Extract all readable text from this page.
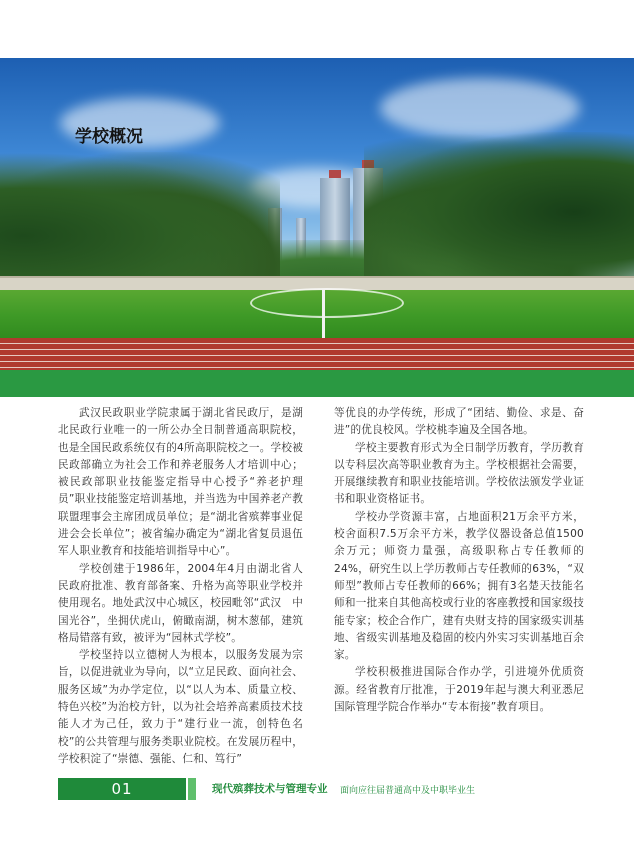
学校概况

武汉民政职业学院隶属于湖北省民政厅，是湖北民政行业唯一的一所公办全日制普通高职院校，也是全国民政系统仅有的4所高职院校之一。学校被民政部确立为社会工作和养老服务人才培训中心；被民政部职业技能鉴定指导中心授予“养老护理员”职业技能鉴定培训基地，并当选为中国养老产教联盟理事会主席团成员单位；是“湖北省殡葬事业促进会会长单位”；被省编办确定为“湖北省复员退伍军人职业教育和技能培训指导中心”。

学校创建于1986年，2004年4月由湖北省人民政府批准、教育部备案、升格为高等职业学校并使用现名。地处武汉中心城区，校园毗邻“武汉　中国光谷”，坐拥伏虎山，俯瞰南湖，树木葱郁，建筑格局错落有致，被评为“园林式学校”。

学校坚持以立德树人为根本，以服务发展为宗旨，以促进就业为导向，以“立足民政、面向社会、服务区域”为办学定位，以“以人为本、质量立校、特色兴校”为治校方针，以为社会培养高素质技术技能人才为己任，致力于“建行业一流，创特色名校”的公共管理与服务类职业院校。在发展历程中，学校积淀了“崇德、强能、仁和、笃行”

等优良的办学传统，形成了“团结、勤俭、求是、奋进”的优良校风。学校桃李遍及全国各地。

学校主要教育形式为全日制学历教育，学历教育以专科层次高等职业教育为主。学校根据社会需要，开展继续教育和职业技能培训。学校依法颁发学业证书和职业资格证书。

学校办学资源丰富，占地面积21万余平方米，校舍面积7.5万余平方米，教学仪器设备总值1500余万元；师资力量强，高级职称占专任教师的24%，研究生以上学历教师占专任教师的63%，“双师型”教师占专任教师的66%；拥有3名楚天技能名师和一批来自其他高校或行业的客座教授和国家级技能专家；校企合作广，建有央财支持的国家级实训基地、省级实训基地及稳固的校内外实习实训基地百余家。

学校积极推进国际合作办学，引进境外优质资源。经省教育厅批准，于2019年起与澳大利亚悉尼国际管理学院合作举办“专本衔接”教育项目。

01	现代殡葬技术与管理专业 面向应往届普通高中及中职毕业生
